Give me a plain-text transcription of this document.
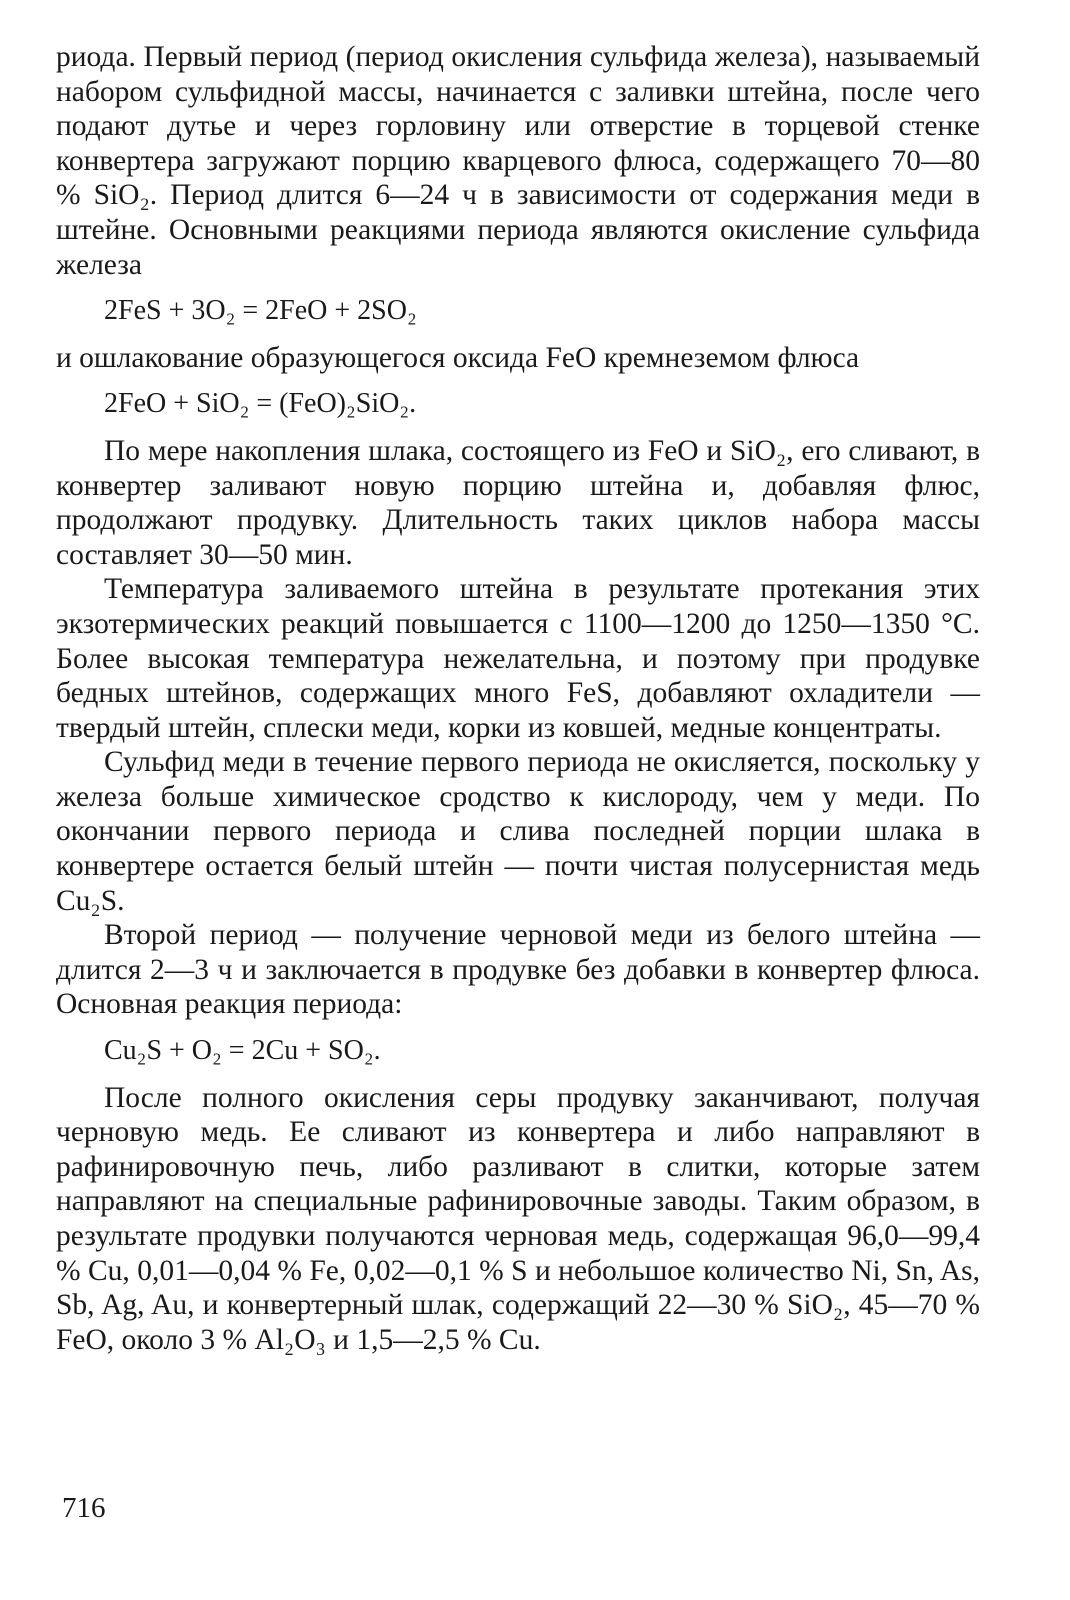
риода. Первый период (период окисления сульфида железа), называемый набором сульфидной массы, начинается с заливки штейна, после чего подают дутье и через горловину или отверстие в торцевой стенке конвертера загружают порцию кварцевого флюса, содержащего 70—80 % SiO₂. Период длится 6—24 ч в зависимости от содержания меди в штейне. Основными реакциями периода являются окисление сульфида железа

2FeS + 3O₂ = 2FeO + 2SO₂

и ошлакование образующегося оксида FeO кремнеземом флюса

2FeO + SiO₂ = (FeO)₂SiO₂.

По мере накопления шлака, состоящего из FeO и SiO₂, его сливают, в конвертер заливают новую порцию штейна и, добавляя флюс, продолжают продувку. Длительность таких циклов набора массы составляет 30—50 мин.

Температура заливаемого штейна в результате протекания этих экзотермических реакций повышается с 1100—1200 до 1250—1350 °С. Более высокая температура нежелательна, и поэтому при продувке бедных штейнов, содержащих много FeS, добавляют охладители — твердый штейн, сплески меди, корки из ковшей, медные концентраты.

Сульфид меди в течение первого периода не окисляется, поскольку у железа больше химическое сродство к кислороду, чем у меди. По окончании первого периода и слива последней порции шлака в конвертере остается белый штейн — почти чистая полусернистая медь Cu₂S.

Второй период — получение черновой меди из белого штейна — длится 2—3 ч и заключается в продувке без добавки в конвертер флюса. Основная реакция периода:

Cu₂S + O₂ = 2Cu + SO₂.

После полного окисления серы продувку заканчивают, получая черновую медь. Ее сливают из конвертера и либо направляют в рафинировочную печь, либо разливают в слитки, которые затем направляют на специальные рафинировочные заводы. Таким образом, в результате продувки получаются черновая медь, содержащая 96,0—99,4 % Cu, 0,01—0,04 % Fe, 0,02—0,1 % S и небольшое количество Ni, Sn, As, Sb, Ag, Au, и конвертерный шлак, содержащий 22—30 % SiO₂, 45—70 % FeO, около 3 % Al₂O₃ и 1,5—2,5 % Cu.

716
